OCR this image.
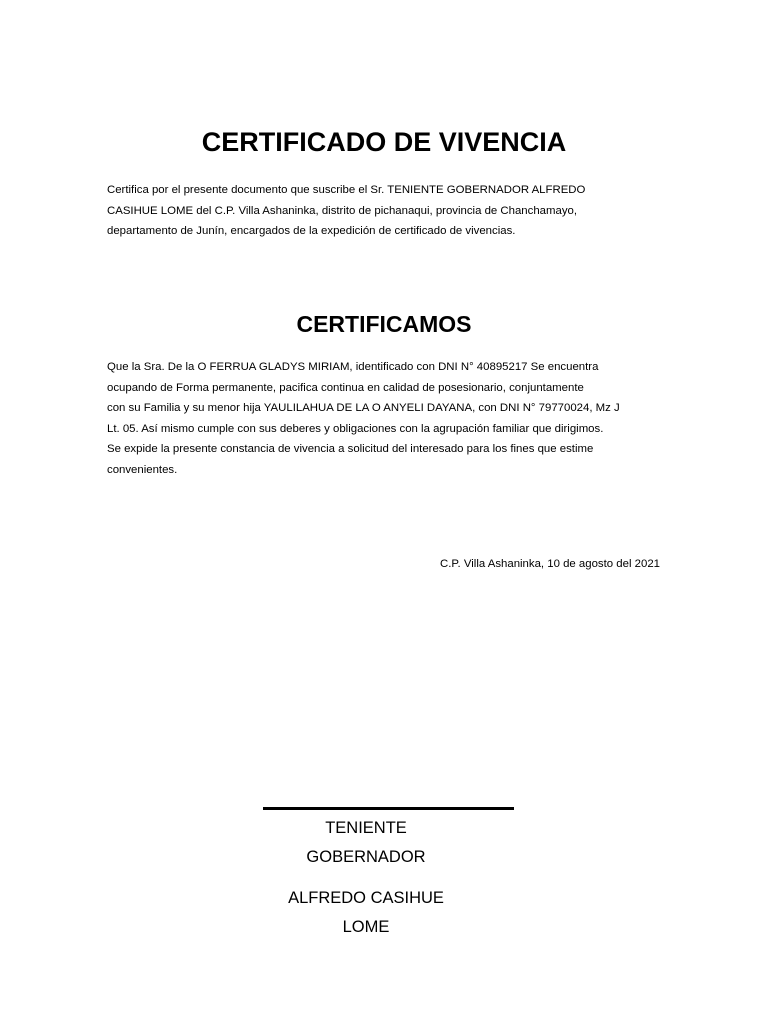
CERTIFICADO DE VIVENCIA
Certifica por el presente documento que suscribe el Sr. TENIENTE GOBERNADOR ALFREDO
CASIHUE LOME del C.P. Villa Ashaninka, distrito de pichanaqui, provincia de Chanchamayo,
departamento de Junín, encargados de la expedición de certificado de vivencias.
CERTIFICAMOS
Que la Sra. De la O FERRUA GLADYS MIRIAM, identificado con DNI N° 40895217 Se encuentra
ocupando de Forma permanente, pacifica continua en calidad de posesionario, conjuntamente
con su Familia y su menor hija YAULILAHUA DE LA O ANYELI DAYANA, con DNI N° 79770024, Mz J
Lt. 05. Así mismo cumple con sus deberes y obligaciones con la agrupación familiar que dirigimos.
Se expide la presente constancia de vivencia a solicitud del interesado para los fines que estime
convenientes.

C.P. Villa Ashaninka, 10 de agosto del 2021

TENIENTE
GOBERNADOR
ALFREDO CASIHUE
LOME
